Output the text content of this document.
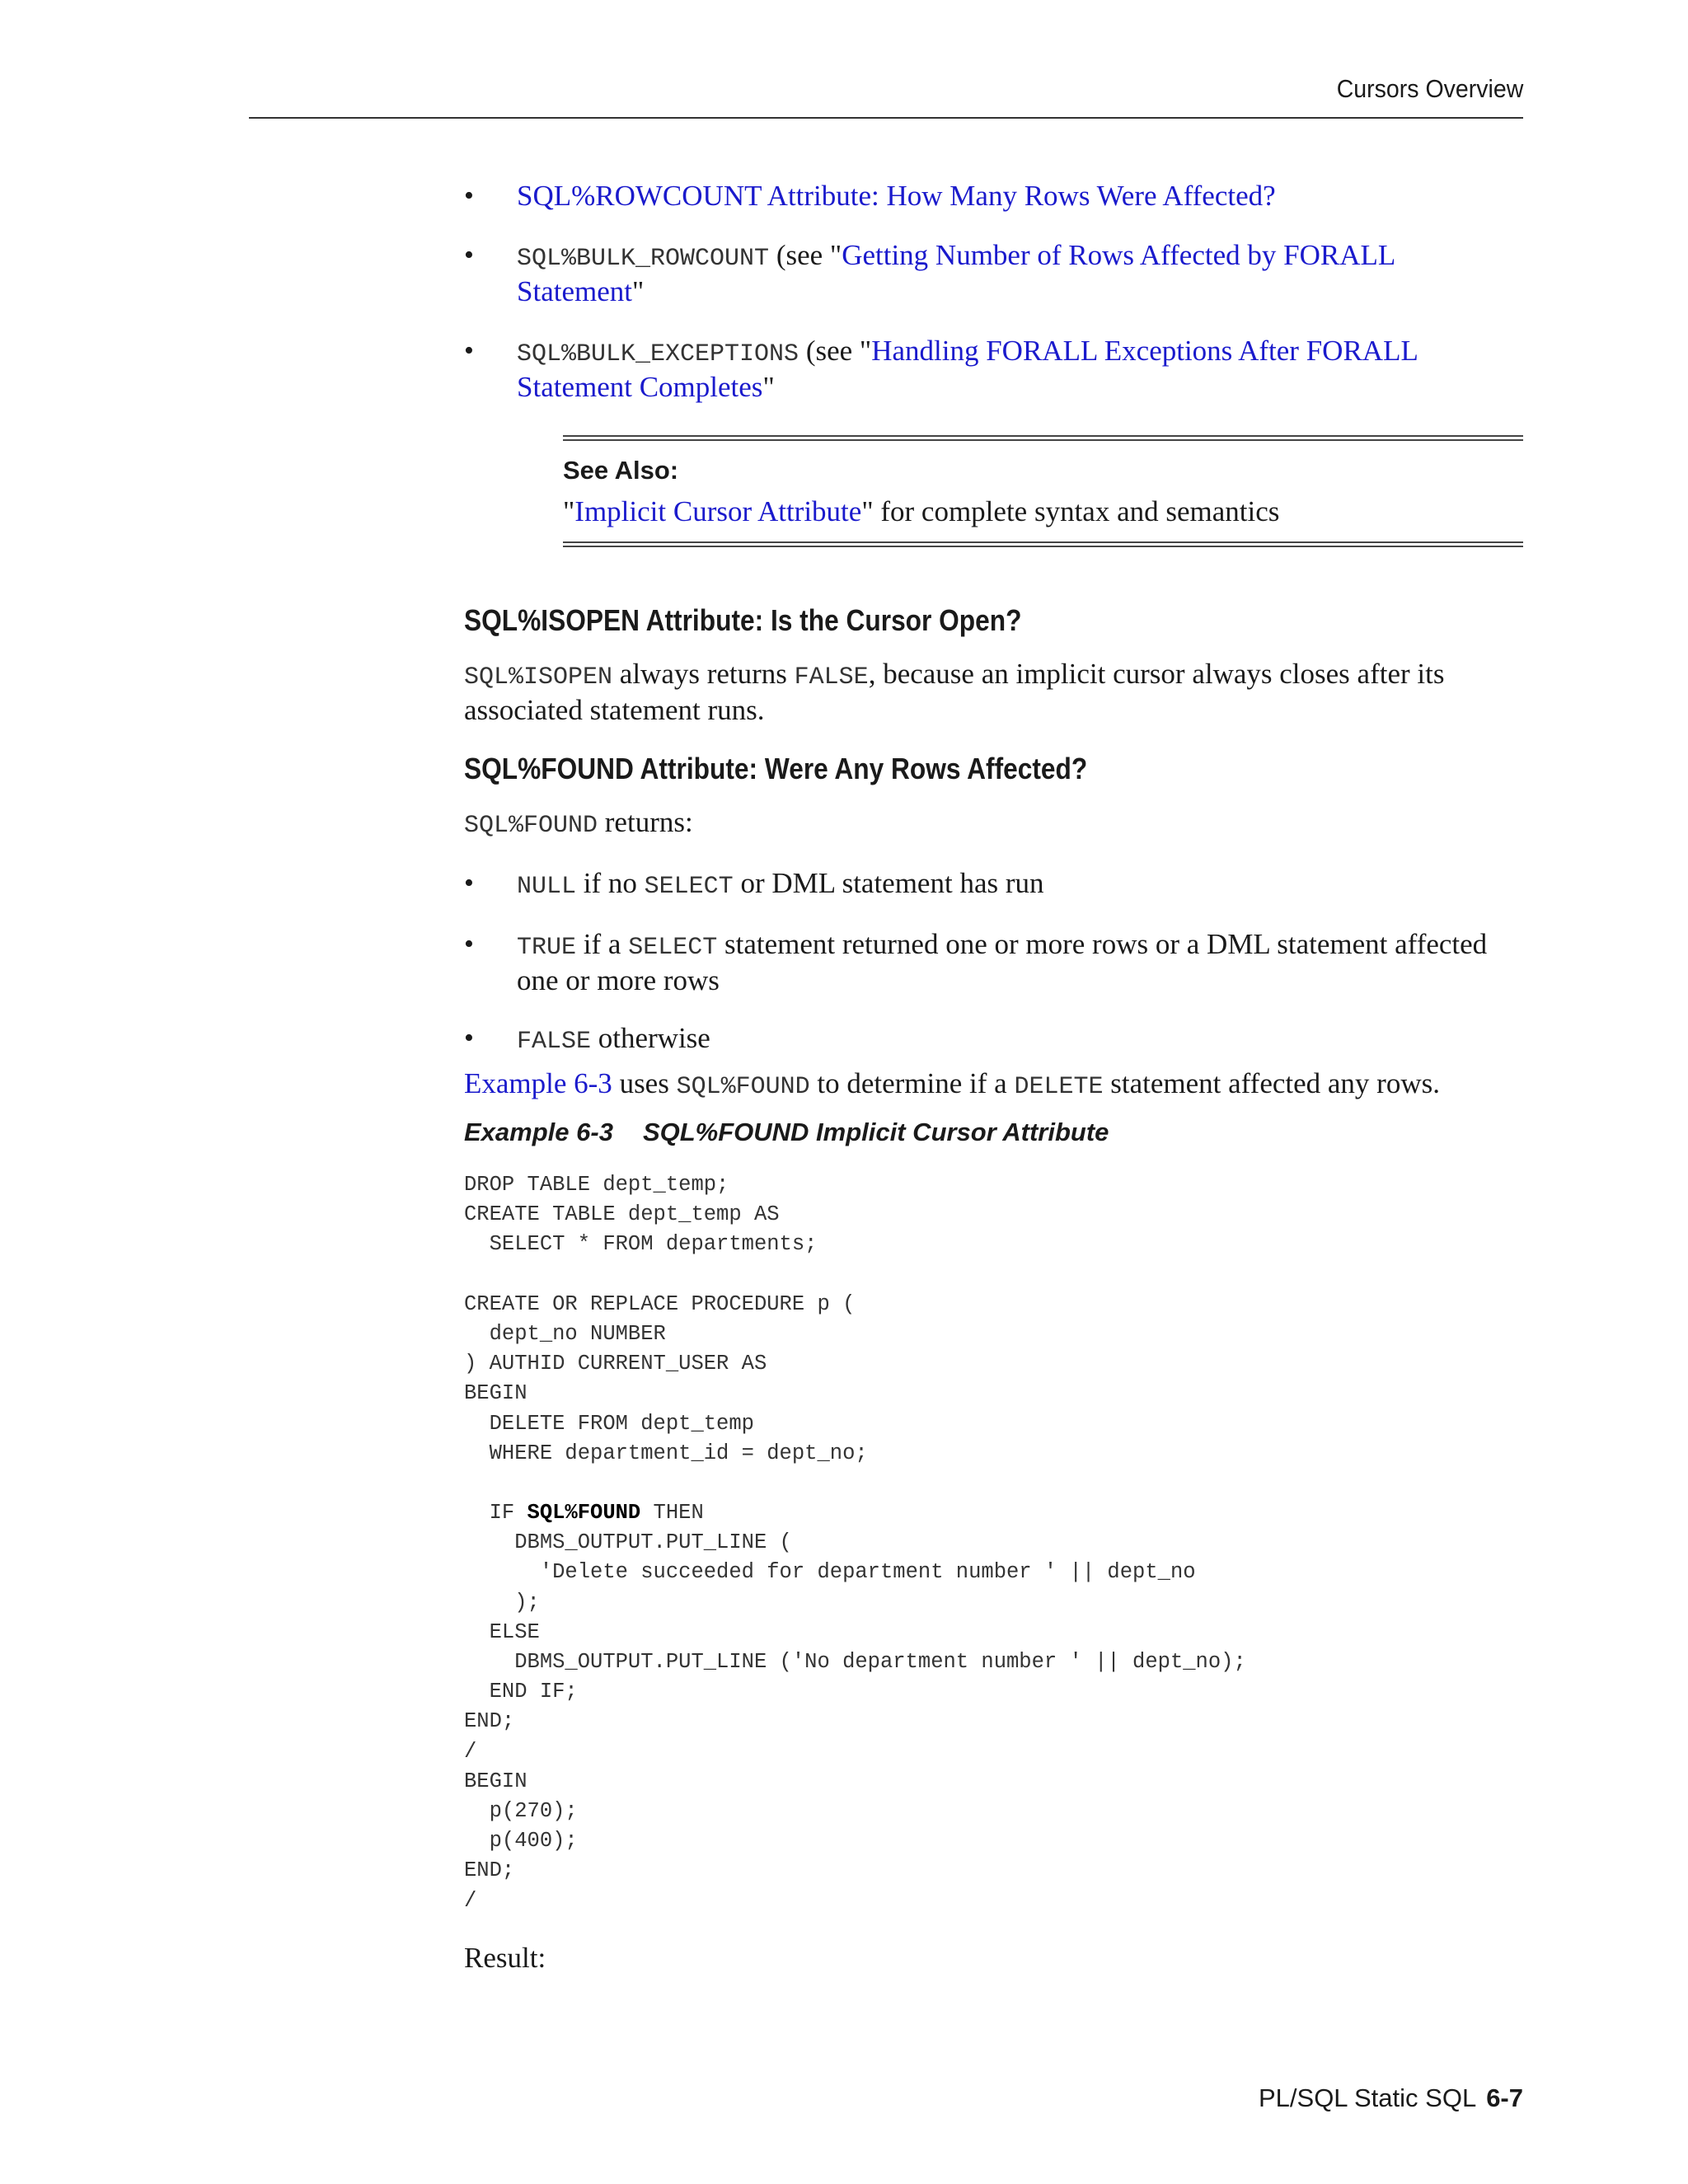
Cursors Overview
• SQL%ROWCOUNT Attribute: How Many Rows Were Affected?
• SQL%BULK_ROWCOUNT (see "Getting Number of Rows Affected by FORALL Statement"
• SQL%BULK_EXCEPTIONS (see "Handling FORALL Exceptions After FORALL Statement Completes"
See Also:
"Implicit Cursor Attribute" for complete syntax and semantics
SQL%ISOPEN Attribute: Is the Cursor Open?

SQL%ISOPEN always returns FALSE, because an implicit cursor always closes after its associated statement runs.

SQL%FOUND Attribute: Were Any Rows Affected?

SQL%FOUND returns:

• NULL if no SELECT or DML statement has run
• TRUE if a SELECT statement returned one or more rows or a DML statement affected one or more rows
• FALSE otherwise

Example 6-3 uses SQL%FOUND to determine if a DELETE statement affected any rows.

Example 6-3 SQL%FOUND Implicit Cursor Attribute
DROP TABLE dept_temp;
CREATE TABLE dept_temp AS
SELECT * FROM departments;
CREATE OR REPLACE PROCEDURE p (
dept_no NUMBER
) AUTHID CURRENT_USER AS
BEGIN
DELETE FROM dept_temp
WHERE department_id = dept_no;
IF SQL%FOUND THEN
DBMS_OUTPUT.PUT_LINE (
'Delete succeeded for department number ' || dept_no
);
ELSE
DBMS_OUTPUT.PUT_LINE ('No department number ' || dept_no);
END IF;
END;
/
BEGIN
p(270);
p(400);
END;
/
Result:
PL/SQL Static SQL 6-7
